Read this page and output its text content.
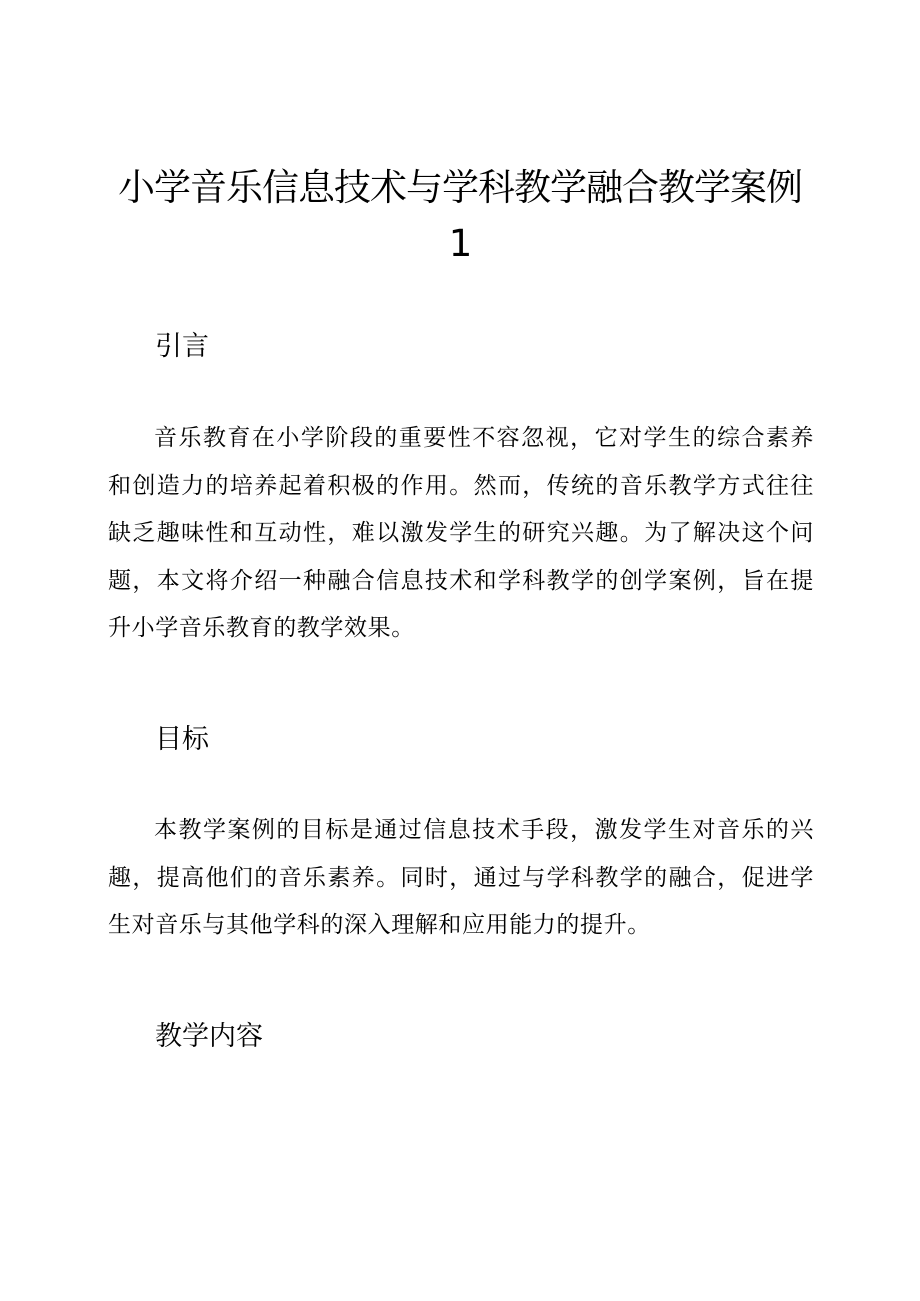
小学音乐信息技术与学科教学融合教学案例1
引言

音乐教育在小学阶段的重要性不容忽视，它对学生的综合素养和创造力的培养起着积极的作用。然而，传统的音乐教学方式往往缺乏趣味性和互动性，难以激发学生的研究兴趣。为了解决这个问题，本文将介绍一种融合信息技术和学科教学的创学案例，旨在提升小学音乐教育的教学效果。

目标

本教学案例的目标是通过信息技术手段，激发学生对音乐的兴趣，提高他们的音乐素养。同时，通过与学科教学的融合，促进学生对音乐与其他学科的深入理解和应用能力的提升。

教学内容
